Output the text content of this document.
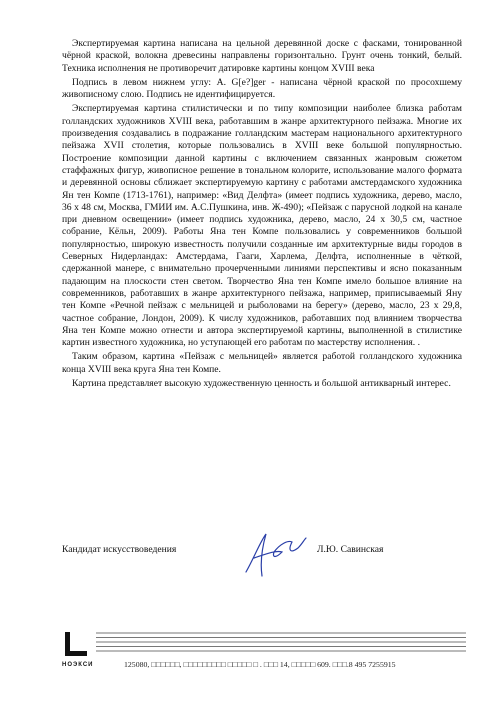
Экспертируемая картина написана на цельной деревянной доске с фасками, тонированной чёрной краской, волокна древесины направлены горизонтально. Грунт очень тонкий, белый. Техника исполнения не противоречит датировке картины концом XVIII века

Подпись в левом нижнем углу: A. G[e?]ger - написана чёрной краской по просохшему живописному слою. Подпись не идентифицируется.

Экспертируемая картина стилистически и по типу композиции наиболее близка работам голландских художников XVIII века, работавшим в жанре архитектурного пейзажа. Многие их произведения создавались в подражание голландским мастерам национального архитектурного пейзажа XVII столетия, которые пользовались в XVIII веке большой популярностью. Построение композиции данной картины с включением связанных жанровым сюжетом стаффажных фигур, живописное решение в тональном колорите, использование малого формата и деревянной основы сближает экспертируемую картину с работами амстердамского художника Ян тен Компе (1713-1761), например: «Вид Делфта» (имеет подпись художника, дерево, масло, 36 х 48 см, Москва, ГМИИ им. А.С.Пушкина, инв. Ж-490); «Пейзаж с парусной лодкой на канале при дневном освещении» (имеет подпись художника, дерево, масло, 24 х 30,5 см, частное собрание, Кёльн, 2009). Работы Яна тен Компе пользовались у современников большой популярностью, широкую известность получили созданные им архитектурные виды городов в Северных Нидерландах: Амстердама, Гааги, Харлема, Делфта, исполненные в чёткой, сдержанной манере, с внимательно прочерченными линиями перспективы и ясно показанным падающим на плоскости стен светом. Творчество Яна тен Компе имело большое влияние на современников, работавших в жанре архитектурного пейзажа, например, приписываемый Яну тен Компе «Речной пейзаж с мельницей и рыболовами на берегу» (дерево, масло, 23 х 29,8, частное собрание, Лондон, 2009). К числу художников, работавших под влиянием творчества Яна тен Компе можно отнести и автора экспертируемой картины, выполненной в стилистике картин известного художника, но уступающей его работам по мастерству исполнения. .

Таким образом, картина «Пейзаж с мельницей» является работой голландского художника конца XVIII века круга Яна тен Компе.

Картина представляет высокую художественную ценность и большой антикварный интерес.

Кандидат искусствоведения	Л.Ю. Савинская
НОЭКСИ	125080, □□□□□□, □□□□□□□□□ □□□□□ □ . □□□ 14, □□□□□ 609. □□□.8 495 7255915
